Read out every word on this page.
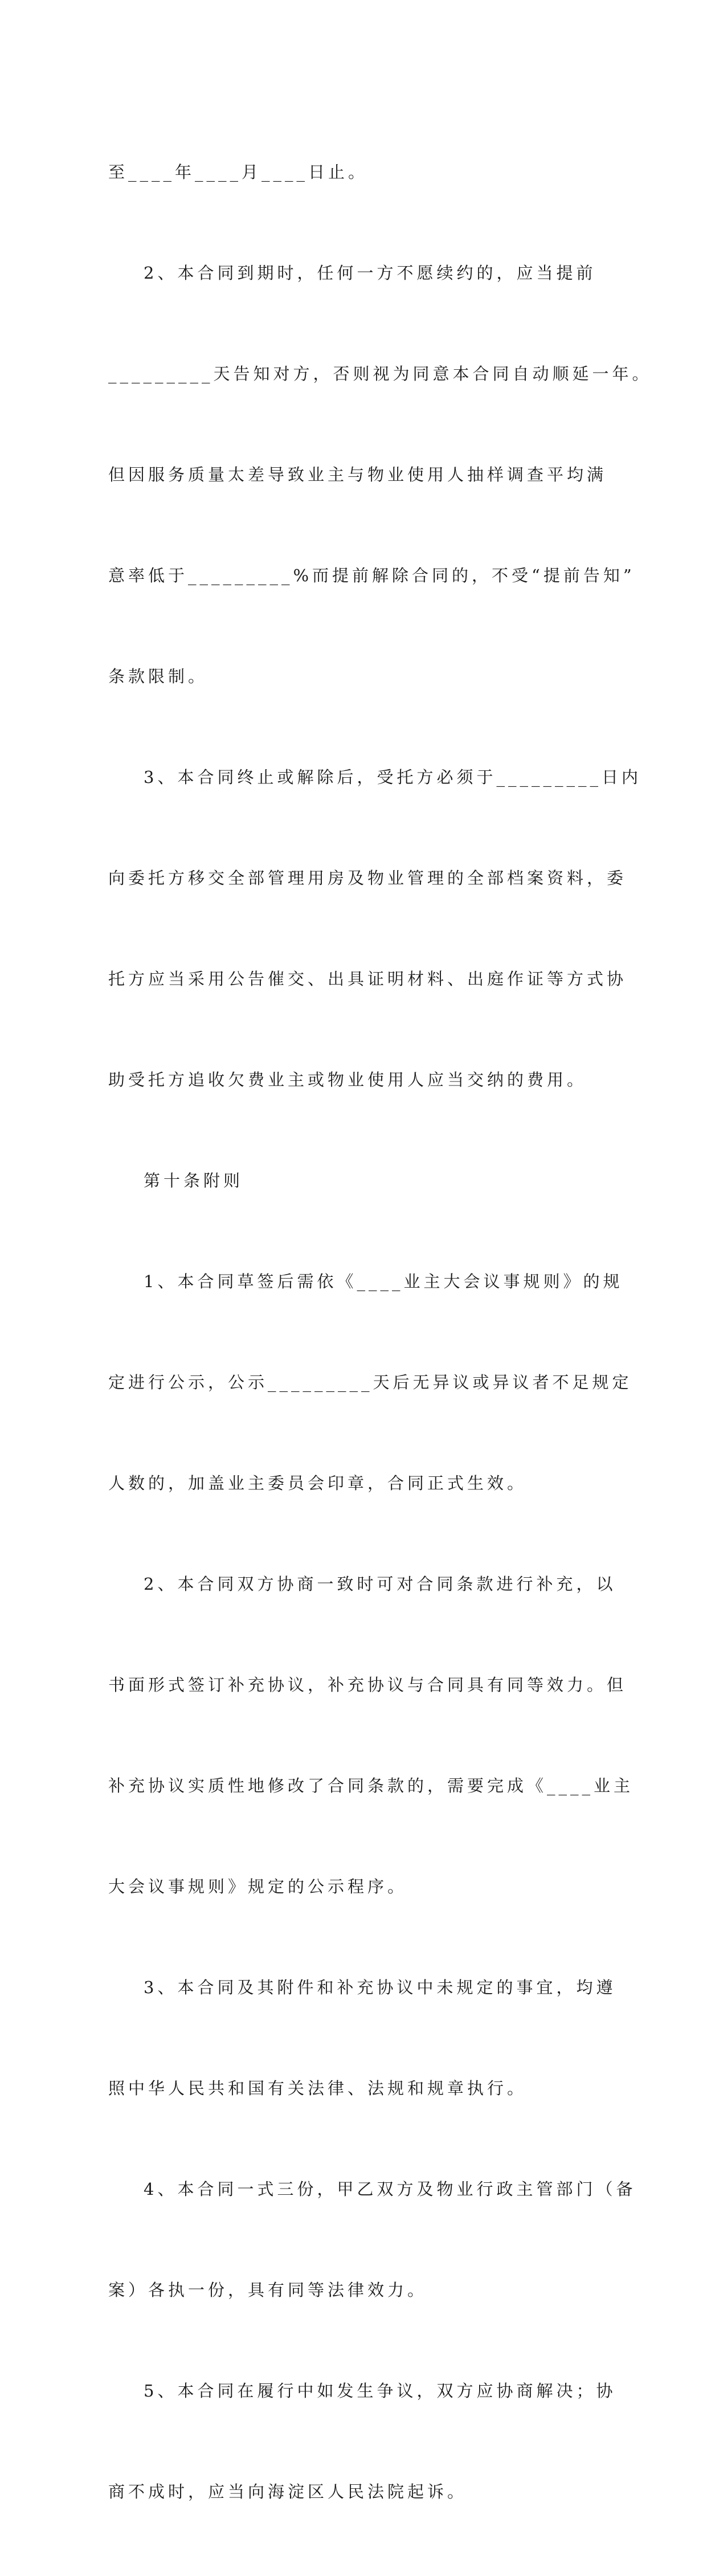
至____年____月____日止。

2、本合同到期时，任何一方不愿续约的，应当提前

_________天告知对方，否则视为同意本合同自动顺延一年。

但因服务质量太差导致业主与物业使用人抽样调查平均满

意率低于_________%而提前解除合同的，不受“提前告知”

条款限制。

3、本合同终止或解除后，受托方必须于_________日内

向委托方移交全部管理用房及物业管理的全部档案资料，委

托方应当采用公告催交、出具证明材料、出庭作证等方式协

助受托方追收欠费业主或物业使用人应当交纳的费用。

第十条附则

1、本合同草签后需依《____业主大会议事规则》的规

定进行公示，公示_________天后无异议或异议者不足规定

人数的，加盖业主委员会印章，合同正式生效。

2、本合同双方协商一致时可对合同条款进行补充，以

书面形式签订补充协议，补充协议与合同具有同等效力。但

补充协议实质性地修改了合同条款的，需要完成《____业主

大会议事规则》规定的公示程序。

3、本合同及其附件和补充协议中未规定的事宜，均遵

照中华人民共和国有关法律、法规和规章执行。

4、本合同一式三份，甲乙双方及物业行政主管部门（备

案）各执一份，具有同等法律效力。

5、本合同在履行中如发生争议，双方应协商解决；协

商不成时，应当向海淀区人民法院起诉。
